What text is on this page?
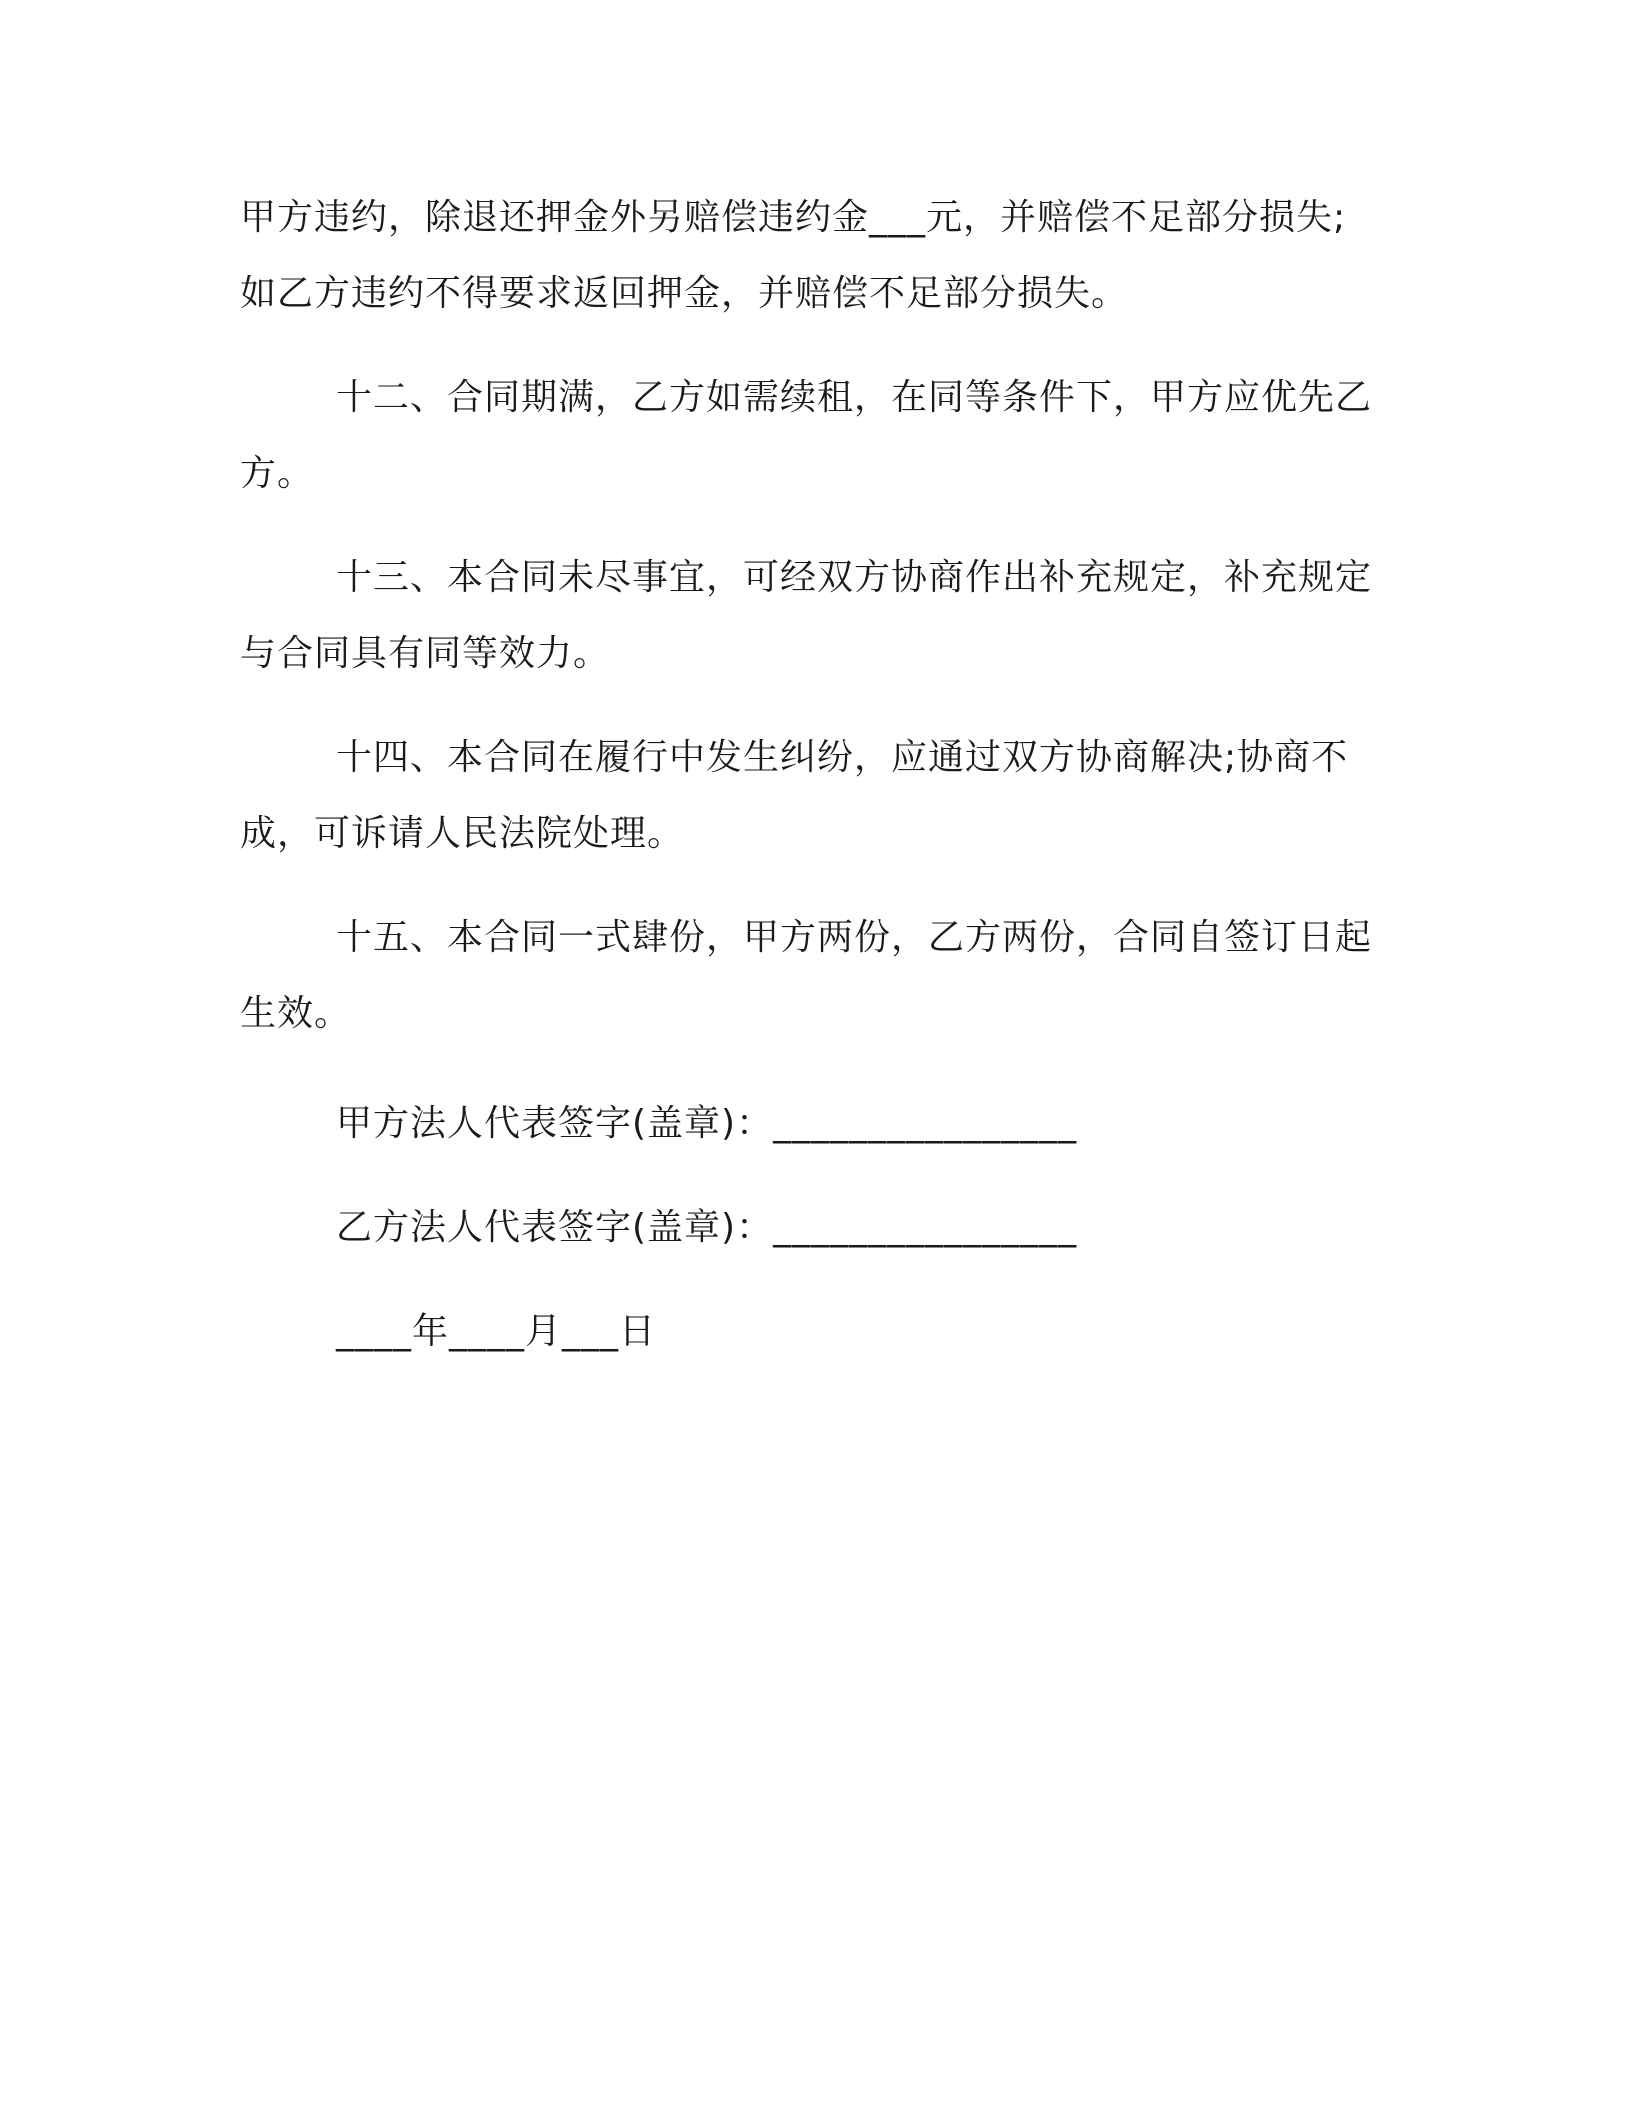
甲方违约，除退还押金外另赔偿违约金___元，并赔偿不足部分损失;如乙方违约不得要求返回押金，并赔偿不足部分损失。

十二、合同期满，乙方如需续租，在同等条件下，甲方应优先乙方。

十三、本合同未尽事宜，可经双方协商作出补充规定，补充规定与合同具有同等效力。

十四、本合同在履行中发生纠纷，应通过双方协商解决;协商不成，可诉请人民法院处理。

十五、本合同一式肆份，甲方两份，乙方两份，合同自签订日起生效。

甲方法人代表签字(盖章)：________________

乙方法人代表签字(盖章)：________________

____年____月___日
